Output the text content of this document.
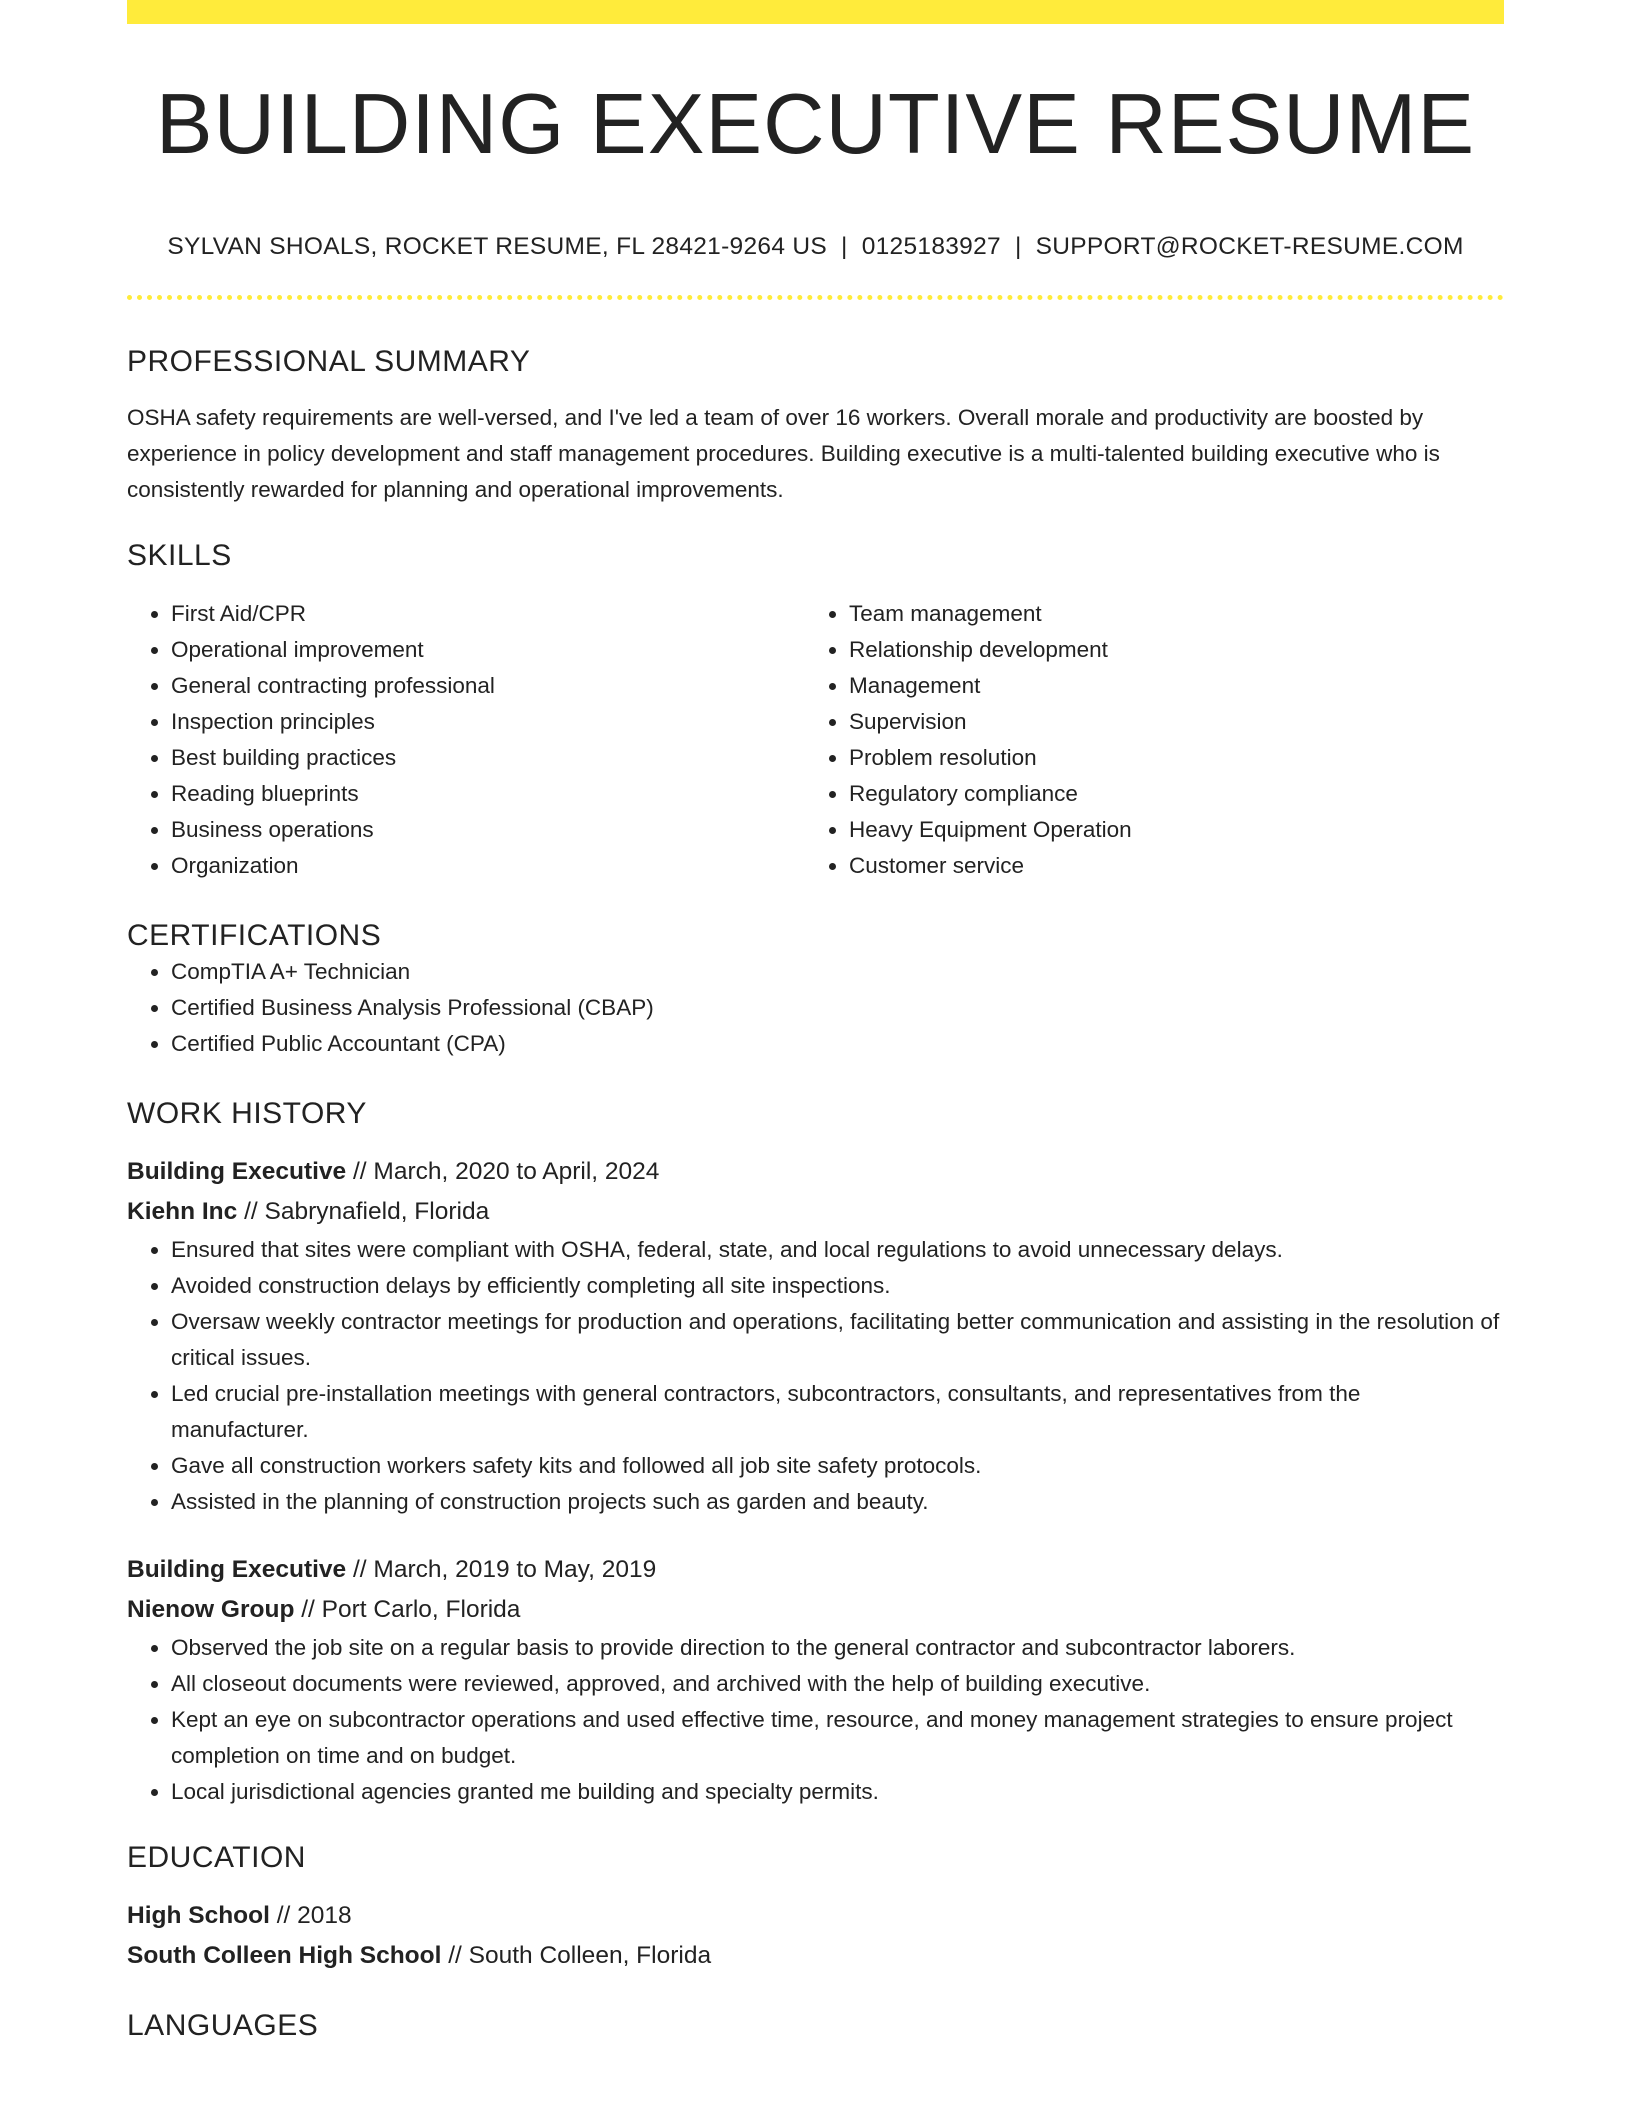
BUILDING EXECUTIVE RESUME
SYLVAN SHOALS, ROCKET RESUME, FL 28421-9264 US | 0125183927 | SUPPORT@ROCKET-RESUME.COM
PROFESSIONAL SUMMARY

OSHA safety requirements are well-versed, and I've led a team of over 16 workers. Overall morale and productivity are boosted by experience in policy development and staff management procedures. Building executive is a multi-talented building executive who is consistently rewarded for planning and operational improvements.

SKILLS
• First Aid/CPR
• Operational improvement
• General contracting professional
• Inspection principles
• Best building practices
• Reading blueprints
• Business operations
• Organization
• Team management
• Relationship development
• Management
• Supervision
• Problem resolution
• Regulatory compliance
• Heavy Equipment Operation
• Customer service
CERTIFICATIONS
• CompTIA A+ Technician
• Certified Business Analysis Professional (CBAP)
• Certified Public Accountant (CPA)
WORK HISTORY
Building Executive // March, 2020 to April, 2024
Kiehn Inc // Sabrynafield, Florida
• Ensured that sites were compliant with OSHA, federal, state, and local regulations to avoid unnecessary delays.
• Avoided construction delays by efficiently completing all site inspections.
• Oversaw weekly contractor meetings for production and operations, facilitating better communication and assisting in the resolution of critical issues.
• Led crucial pre-installation meetings with general contractors, subcontractors, consultants, and representatives from the manufacturer.
• Gave all construction workers safety kits and followed all job site safety protocols.
• Assisted in the planning of construction projects such as garden and beauty.
Building Executive // March, 2019 to May, 2019
Nienow Group // Port Carlo, Florida
• Observed the job site on a regular basis to provide direction to the general contractor and subcontractor laborers.
• All closeout documents were reviewed, approved, and archived with the help of building executive.
• Kept an eye on subcontractor operations and used effective time, resource, and money management strategies to ensure project completion on time and on budget.
• Local jurisdictional agencies granted me building and specialty permits.
EDUCATION
High School // 2018
South Colleen High School // South Colleen, Florida
LANGUAGES
